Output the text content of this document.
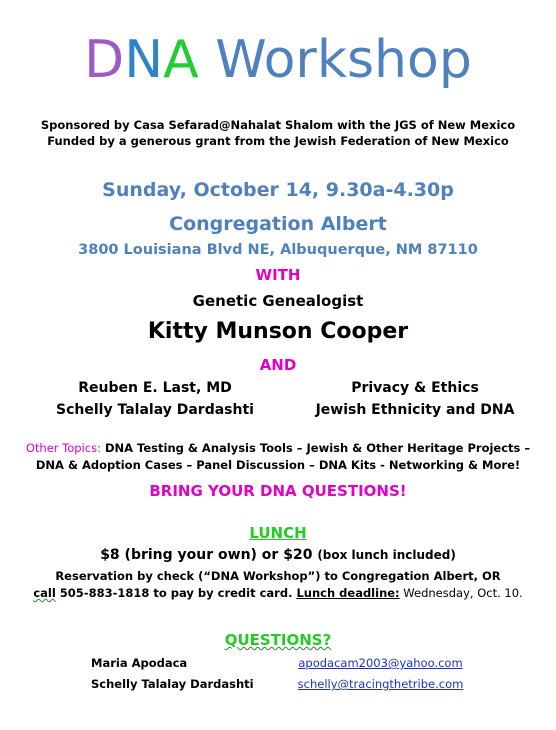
DNA Workshop
Sponsored by Casa Sefarad@Nahalat Shalom with the JGS of New Mexico
Funded by a generous grant from the Jewish Federation of New Mexico
Sunday, October 14, 9.30a-4.30p
Congregation Albert
3800 Louisiana Blvd NE, Albuquerque, NM 87110
WITH
Genetic Genealogist
Kitty Munson Cooper
AND
Reuben E. Last, MD
Schelly Talalay Dardashti
Privacy & Ethics
Jewish Ethnicity and DNA
Other Topics: DNA Testing & Analysis Tools – Jewish & Other Heritage Projects –
DNA & Adoption Cases – Panel Discussion – DNA Kits - Networking & More!
BRING YOUR DNA QUESTIONS!
LUNCH
$8 (bring your own) or $20 (box lunch included)
Reservation by check (“DNA Workshop”) to Congregation Albert, OR
call 505-883-1818 to pay by credit card. Lunch deadline: Wednesday, Oct. 10.
QUESTIONS?
Maria Apodaca
Schelly Talalay Dardashti
apodacam2003@yahoo.com
schelly@tracingthetribe.com
